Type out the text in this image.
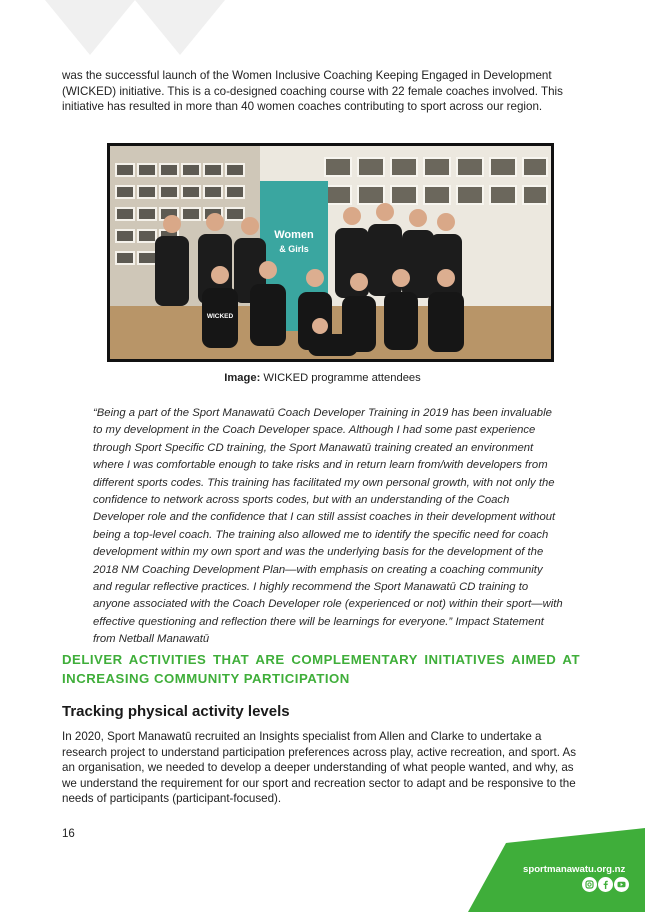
was the successful launch of the Women Inclusive Coaching Keeping Engaged in Development (WICKED) initiative. This is a co-designed coaching course with 22 female coaches involved. This initiative has resulted in more than 40 women coaches contributing to sport across our region.

Women
& Girls
WICKED

Image: WICKED programme attendees

“Being a part of the Sport Manawatū Coach Developer Training in 2019 has been invaluable to my development in the Coach Developer space. Although I had some past experience through Sport Specific CD training, the Sport Manawatū training created an environment where I was comfortable enough to take risks and in return learn from/with developers from different sports codes. This training has facilitated my own personal growth, with not only the confidence to network across sports codes, but with an understanding of the Coach Developer role and the confidence that I can still assist coaches in their development without being a top-level coach. The training also allowed me to identify the specific need for coach development within my own sport and was the underlying basis for the development of the 2018 NM Coaching Development Plan—with emphasis on creating a coaching community and regular reflective practices. I highly recommend the Sport Manawatū CD training to anyone associated with the Coach Developer role (experienced or not) within their sport—with effective questioning and reflection there will be learnings for everyone.” Impact Statement from Netball Manawatū

DELIVER ACTIVITIES THAT ARE COMPLEMENTARY INITIATIVES AIMED AT INCREASING COMMUNITY PARTICIPATION
Tracking physical activity levels

In 2020, Sport Manawatū recruited an Insights specialist from Allen and Clarke to undertake a research project to understand participation preferences across play, active recreation, and sport. As an organisation, we needed to develop a deeper understanding of what people wanted, and why, as we understand the requirement for our sport and recreation sector to adapt and be responsive to the needs of participants (participant-focused).

16

sportmanawatu.org.nz
